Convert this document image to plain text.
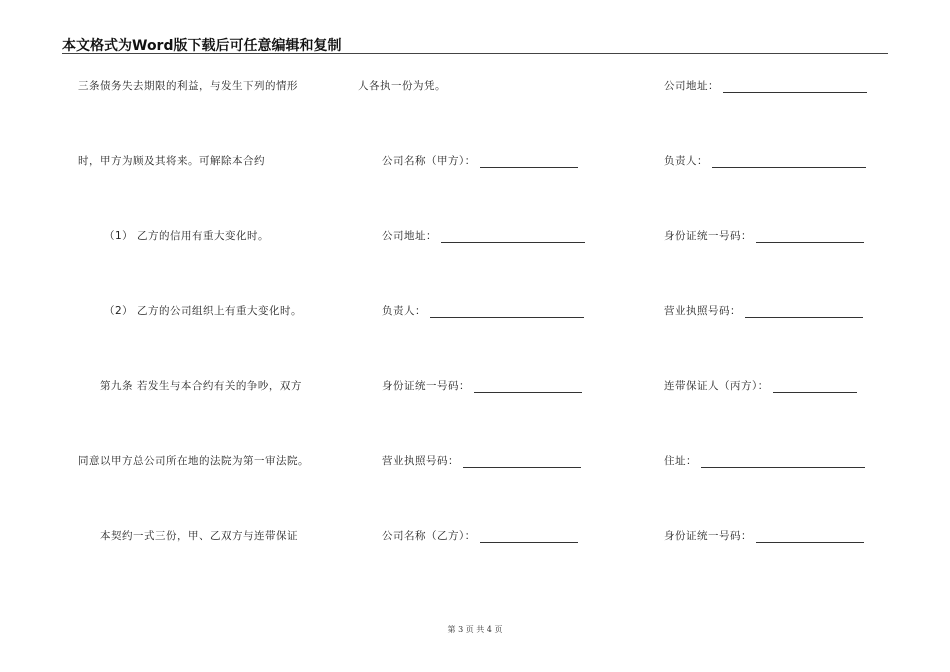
本文格式为Word版下载后可任意编辑和复制
三条债务失去期限的利益，与发生下列的情形
时，甲方为顾及其将来。可解除本合约
（1） 乙方的信用有重大变化时。
（2） 乙方的公司组织上有重大变化时。
第九条 若发生与本合约有关的争吵，双方
同意以甲方总公司所在地的法院为第一审法院。
本契约一式三份，甲、乙双方与连带保证
人各执一份为凭。
公司名称（甲方）：
公司地址：
负责人：
身份证统一号码：
营业执照号码：
公司名称（乙方）：
公司地址：
负责人：
身份证统一号码：
营业执照号码：
连带保证人（丙方）：
住址：
身份证统一号码：
第 3 页 共 4 页
